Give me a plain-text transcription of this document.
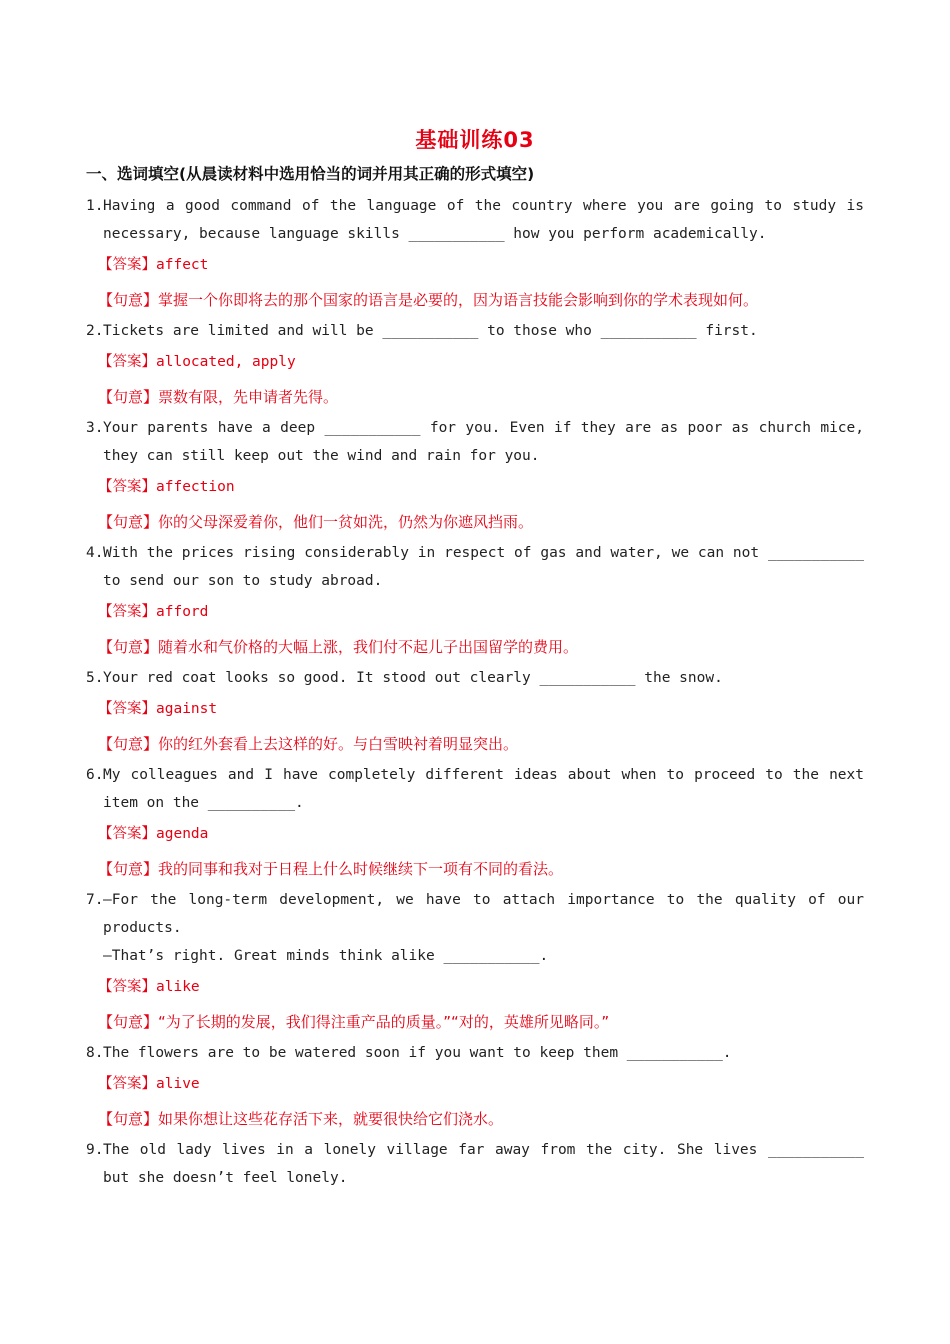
基础训练03
一、选词填空(从晨读材料中选用恰当的词并用其正确的形式填空)
1. Having a good command of the language of the country where you are going to study is necessary, because language skills ___________ how you perform academically.
【答案】affect
【句意】掌握一个你即将去的那个国家的语言是必要的，因为语言技能会影响到你的学术表现如何。
2. Tickets are limited and will be ___________ to those who ___________ first.
【答案】allocated, apply
【句意】票数有限，先申请者先得。
3. Your parents have a deep ___________ for you. Even if they are as poor as church mice, they can still keep out the wind and rain for you.
【答案】affection
【句意】你的父母深爱着你，他们一贫如洗，仍然为你遮风挡雨。
4. With the prices rising considerably in respect of gas and water, we can not ___________ to send our son to study abroad.
【答案】afford
【句意】随着水和气价格的大幅上涨，我们付不起儿子出国留学的费用。
5. Your red coat looks so good. It stood out clearly ___________ the snow.
【答案】against
【句意】你的红外套看上去这样的好。与白雪映衬着明显突出。
6. My colleagues and I have completely different ideas about when to proceed to the next item on the __________.
【答案】agenda
【句意】我的同事和我对于日程上什么时候继续下一项有不同的看法。
7. —For the long-term development, we have to attach importance to the quality of our products.
—That’s right. Great minds think alike ___________.
【答案】alike
【句意】“为了长期的发展，我们得注重产品的质量。”“对的，英雄所见略同。”
8. The flowers are to be watered soon if you want to keep them ___________.
【答案】alive
【句意】如果你想让这些花存活下来，就要很快给它们浇水。
9. The old lady lives in a lonely village far away from the city. She lives ___________ but she doesn’t feel lonely.
